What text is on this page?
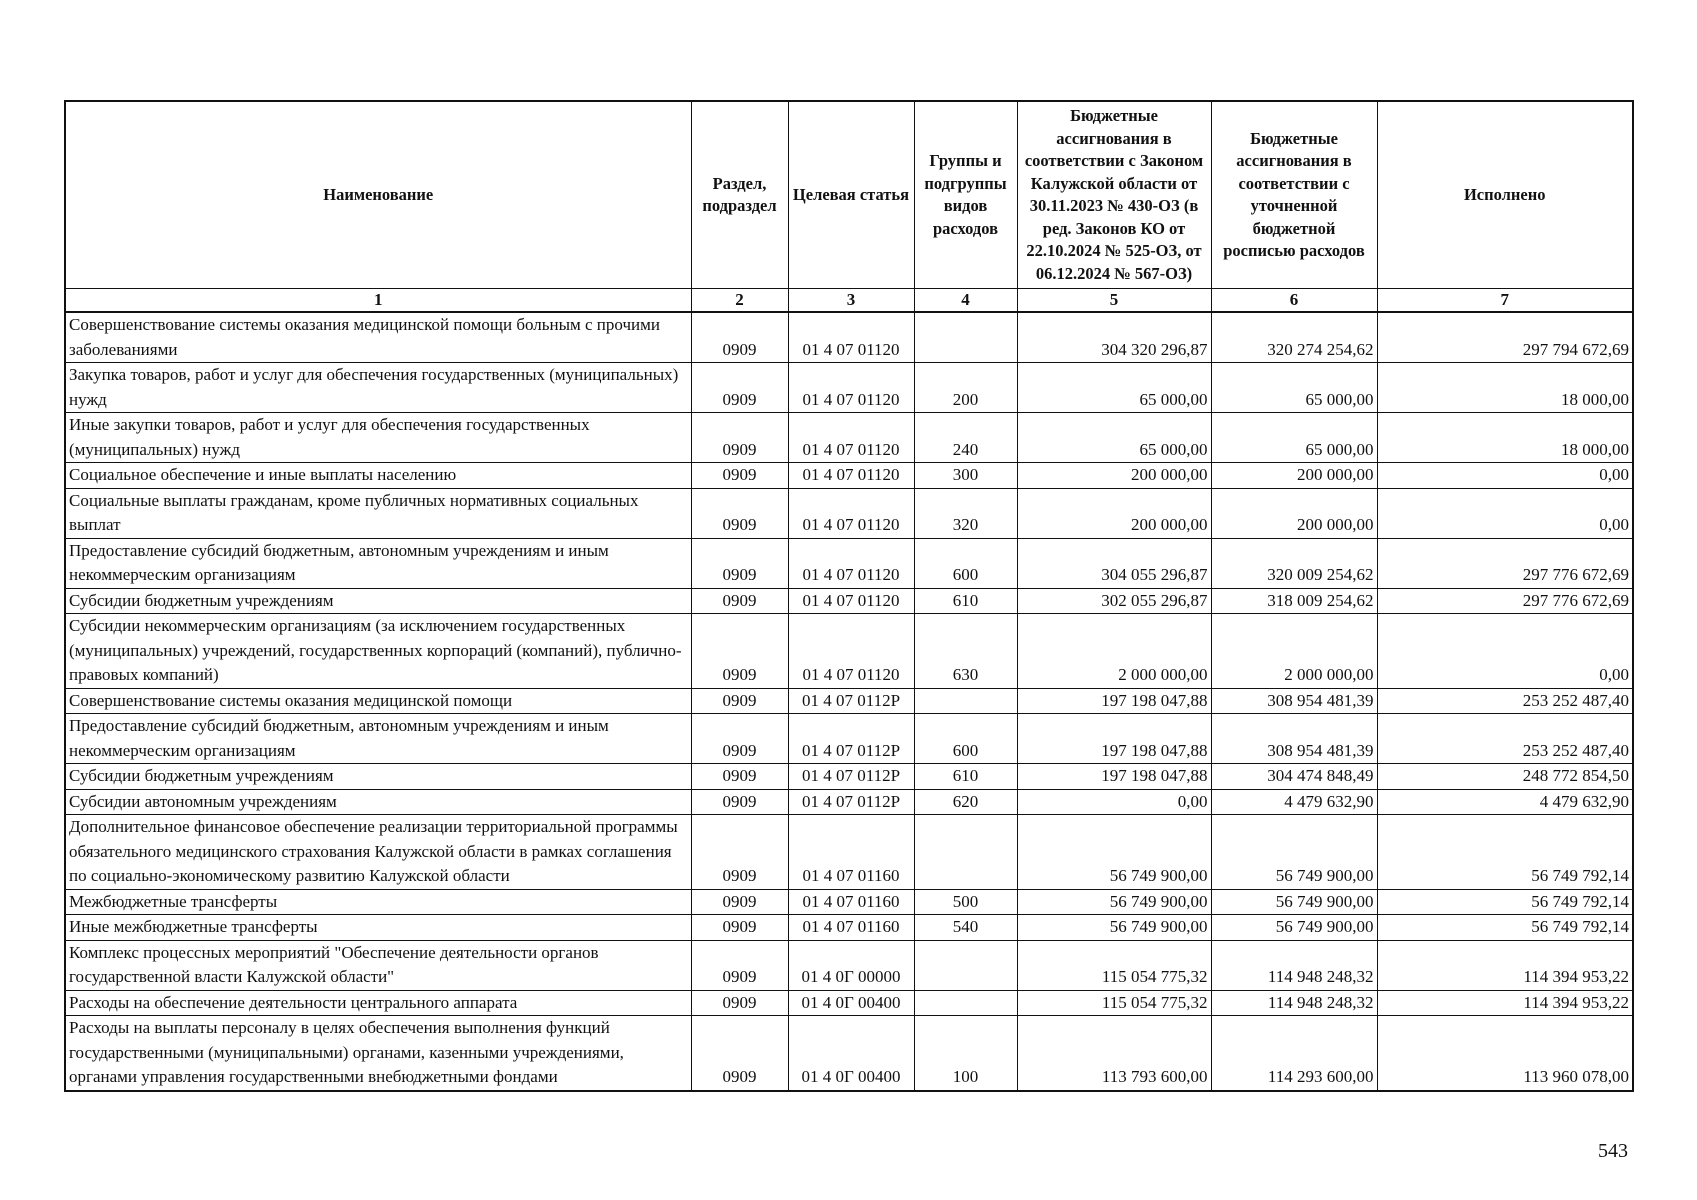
Наименование	Раздел, подраздел	Целевая статья	Группы и подгруппы видов расходов	Бюджетные ассигнования в соответствии с Законом Калужской области от 30.11.2023 № 430-ОЗ (в ред. Законов КО от 22.10.2024 № 525-ОЗ, от 06.12.2024 № 567-ОЗ)	Бюджетные ассигнования в соответствии с уточненной бюджетной росписью расходов	Исполнено
1	2	3	4	5	6	7
Совершенствование системы оказания медицинской помощи больным с прочими заболеваниями	0909	01 4 07 01120		304 320 296,87	320 274 254,62	297 794 672,69
Закупка товаров, работ и услуг для обеспечения государственных (муниципальных) нужд	0909	01 4 07 01120	200	65 000,00	65 000,00	18 000,00
Иные закупки товаров, работ и услуг для обеспечения государственных (муниципальных) нужд	0909	01 4 07 01120	240	65 000,00	65 000,00	18 000,00
Социальное обеспечение и иные выплаты населению	0909	01 4 07 01120	300	200 000,00	200 000,00	0,00
Социальные выплаты гражданам, кроме публичных нормативных социальных выплат	0909	01 4 07 01120	320	200 000,00	200 000,00	0,00
Предоставление субсидий бюджетным, автономным учреждениям и иным некоммерческим организациям	0909	01 4 07 01120	600	304 055 296,87	320 009 254,62	297 776 672,69
Субсидии бюджетным учреждениям	0909	01 4 07 01120	610	302 055 296,87	318 009 254,62	297 776 672,69
Субсидии некоммерческим организациям (за исключением государственных (муниципальных) учреждений, государственных корпораций (компаний), публично-правовых компаний)	0909	01 4 07 01120	630	2 000 000,00	2 000 000,00	0,00
Совершенствование системы оказания медицинской помощи	0909	01 4 07 0112Р		197 198 047,88	308 954 481,39	253 252 487,40
Предоставление субсидий бюджетным, автономным учреждениям и иным некоммерческим организациям	0909	01 4 07 0112Р	600	197 198 047,88	308 954 481,39	253 252 487,40
Субсидии бюджетным учреждениям	0909	01 4 07 0112Р	610	197 198 047,88	304 474 848,49	248 772 854,50
Субсидии автономным учреждениям	0909	01 4 07 0112Р	620	0,00	4 479 632,90	4 479 632,90
Дополнительное финансовое обеспечение реализации территориальной программы обязательного медицинского страхования Калужской области в рамках соглашения по социально-экономическому развитию Калужской области	0909	01 4 07 01160		56 749 900,00	56 749 900,00	56 749 792,14
Межбюджетные трансферты	0909	01 4 07 01160	500	56 749 900,00	56 749 900,00	56 749 792,14
Иные межбюджетные трансферты	0909	01 4 07 01160	540	56 749 900,00	56 749 900,00	56 749 792,14
Комплекс процессных мероприятий "Обеспечение деятельности органов государственной власти Калужской области"	0909	01 4 0Г 00000		115 054 775,32	114 948 248,32	114 394 953,22
Расходы на обеспечение деятельности центрального аппарата	0909	01 4 0Г 00400		115 054 775,32	114 948 248,32	114 394 953,22
Расходы на выплаты персоналу в целях обеспечения выполнения функций государственными (муниципальными) органами, казенными учреждениями, органами управления государственными внебюджетными фондами	0909	01 4 0Г 00400	100	113 793 600,00	114 293 600,00	113 960 078,00
543
